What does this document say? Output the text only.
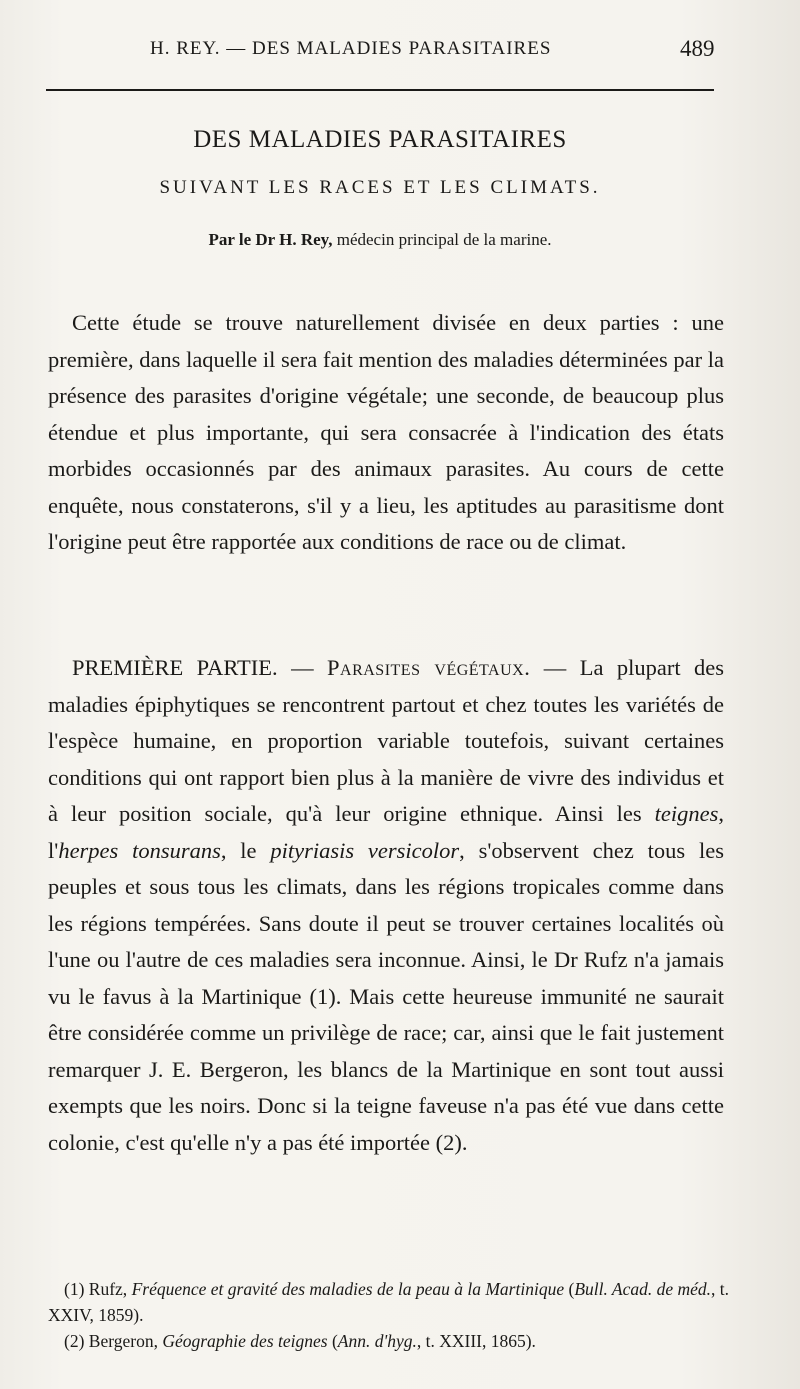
H. REY. — DES MALADIES PARASITAIRES	489
DES MALADIES PARASITAIRES
SUIVANT LES RACES ET LES CLIMATS.
Par le Dr H. Rey, médecin principal de la marine.
Cette étude se trouve naturellement divisée en deux parties : une première, dans laquelle il sera fait mention des maladies déterminées par la présence des parasites d'origine végétale; une seconde, de beaucoup plus étendue et plus importante, qui sera consacrée à l'indication des états morbides occasionnés par des animaux parasites. Au cours de cette enquête, nous constaterons, s'il y a lieu, les aptitudes au parasitisme dont l'origine peut être rapportée aux conditions de race ou de climat.
PREMIÈRE PARTIE. — Parasites végétaux. — La plupart des maladies épiphytiques se rencontrent partout et chez toutes les variétés de l'espèce humaine, en proportion variable toutefois, suivant certaines conditions qui ont rapport bien plus à la manière de vivre des individus et à leur position sociale, qu'à leur origine ethnique. Ainsi les teignes, l'herpes tonsurans, le pityriasis versicolor, s'observent chez tous les peuples et sous tous les climats, dans les régions tropicales comme dans les régions tempérées. Sans doute il peut se trouver certaines localités où l'une ou l'autre de ces maladies sera inconnue. Ainsi, le Dr Rufz n'a jamais vu le favus à la Martinique (1). Mais cette heureuse immunité ne saurait être considérée comme un privilège de race; car, ainsi que le fait justement remarquer J. E. Bergeron, les blancs de la Martinique en sont tout aussi exempts que les noirs. Donc si la teigne faveuse n'a pas été vue dans cette colonie, c'est qu'elle n'y a pas été importée (2).
(1) Rufz, Fréquence et gravité des maladies de la peau à la Martinique (Bull. Acad. de méd., t. XXIV, 1859).
(2) Bergeron, Géographie des teignes (Ann. d'hyg., t. XXIII, 1865).
